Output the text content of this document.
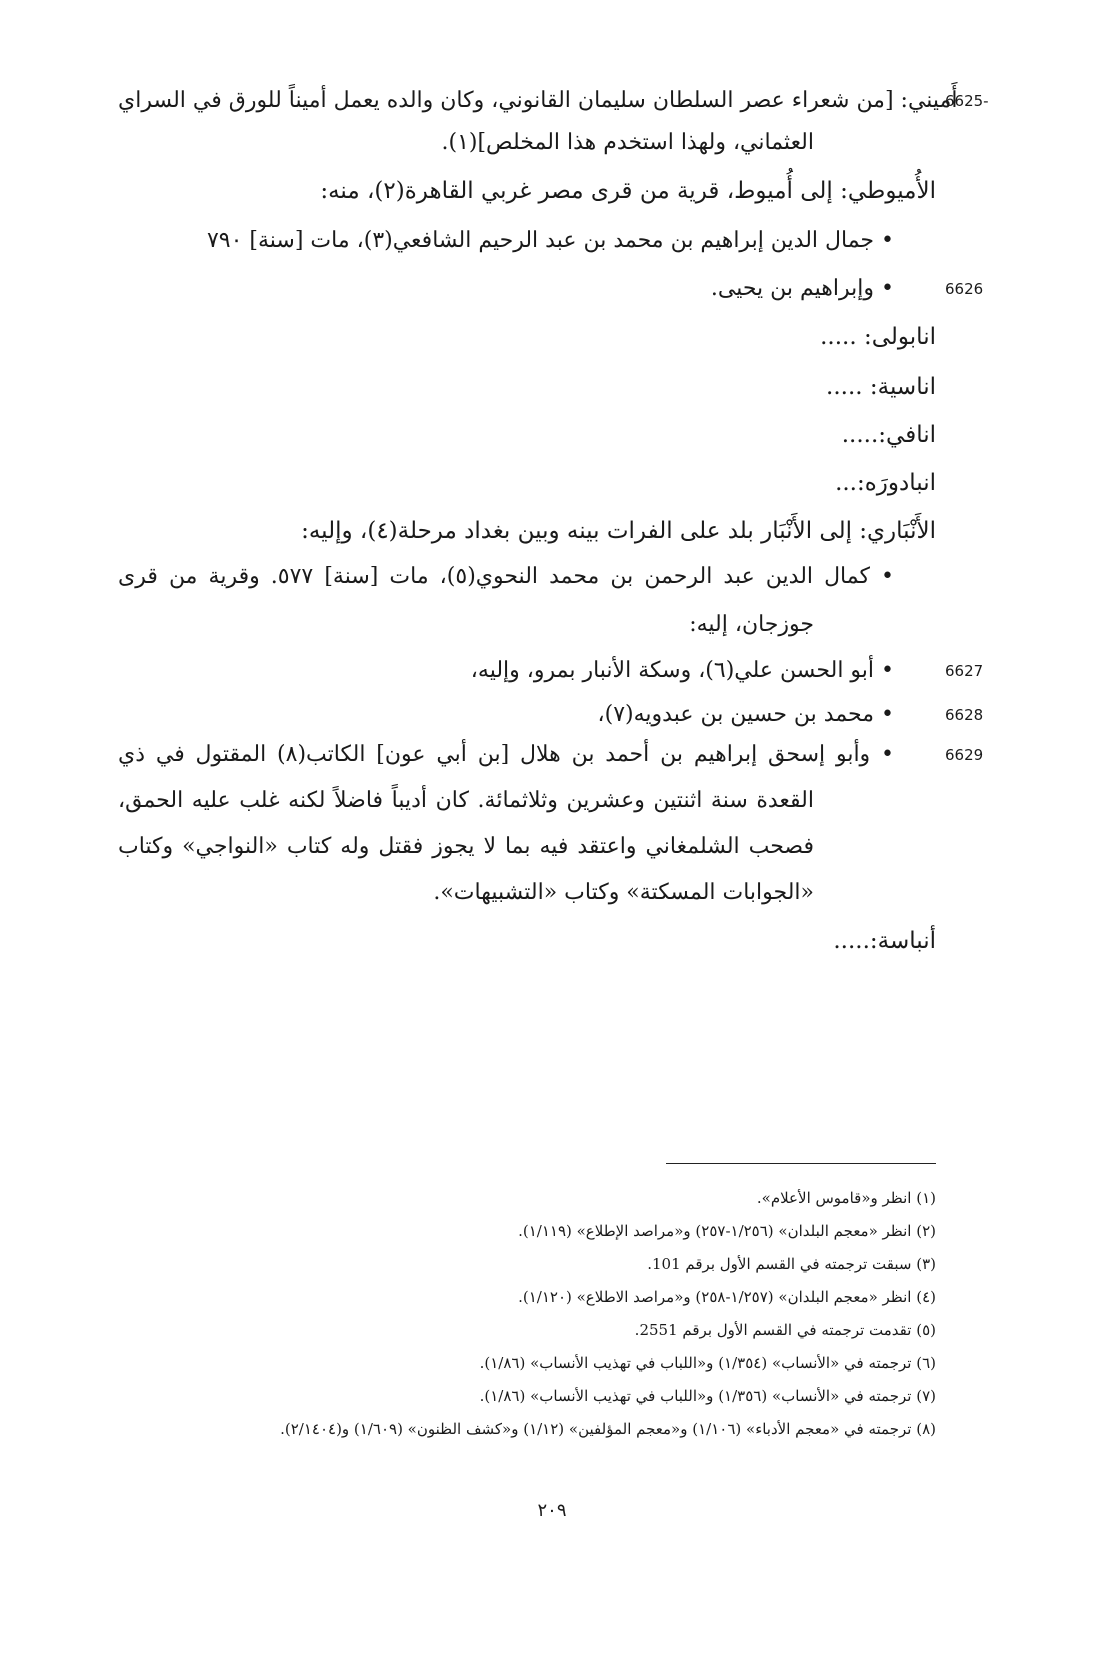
أَميني: [من شعراء عصر السلطان سليمان القانوني، وكان والده يعمل أميناً للورق في السراي
6625-
العثماني، ولهذا استخدم هذا المخلص](١).
الأُميوطي: إلى أُميوط، قرية من قرى مصر غربي القاهرة(٢)، منه:
• جمال الدين إبراهيم بن محمد بن عبد الرحيم الشافعي(٣)، مات [سنة] ٧٩٠
6626
• وإبراهيم بن يحيى.
انابولى: .....
اناسية: .....
انافي:.....
انبادورَه:...
الأَنْبَاري: إلى الأَنْبَار بلد على الفرات بينه وبين بغداد مرحلة(٤)، وإليه:
• كمال الدين عبد الرحمن بن محمد النحوي(٥)، مات [سنة] ٥٧٧. وقرية من قرى
جوزجان، إليه:
6627
• أبو الحسن علي(٦)، وسكة الأنبار بمرو، وإليه،
6628
• محمد بن حسين بن عبدويه(٧)،
6629
• وأبو إسحق إبراهيم بن أحمد بن هلال [بن أبي عون] الكاتب(٨) المقتول في ذي
القعدة سنة اثنتين وعشرين وثلاثمائة. كان أديباً فاضلاً لكنه غلب عليه الحمق،
فصحب الشلمغاني واعتقد فيه بما لا يجوز فقتل وله كتاب «النواجي» وكتاب
«الجوابات المسكتة» وكتاب «التشبيهات».
أنباسة:.....
(١) انظر و«قاموس الأعلام».
(٢) انظر «معجم البلدان» (١/٢٥٦-٢٥٧) و«مراصد الإطلاع» (١/١١٩).
(٣) سبقت ترجمته في القسم الأول برقم 101.
(٤) انظر «معجم البلدان» (١/٢٥٧-٢٥٨) و«مراصد الاطلاع» (١/١٢٠).
(٥) تقدمت ترجمته في القسم الأول برقم 2551.
(٦) ترجمته في «الأنساب» (١/٣٥٤) و«اللباب في تهذيب الأنساب» (١/٨٦).
(٧) ترجمته في «الأنساب» (١/٣٥٦) و«اللباب في تهذيب الأنساب» (١/٨٦).
(٨) ترجمته في «معجم الأدباء» (١/١٠٦) و«معجم المؤلفين» (١/١٢) و«كشف الظنون» (١/٦٠٩) و(٢/١٤٠٤).
٢٠٩
